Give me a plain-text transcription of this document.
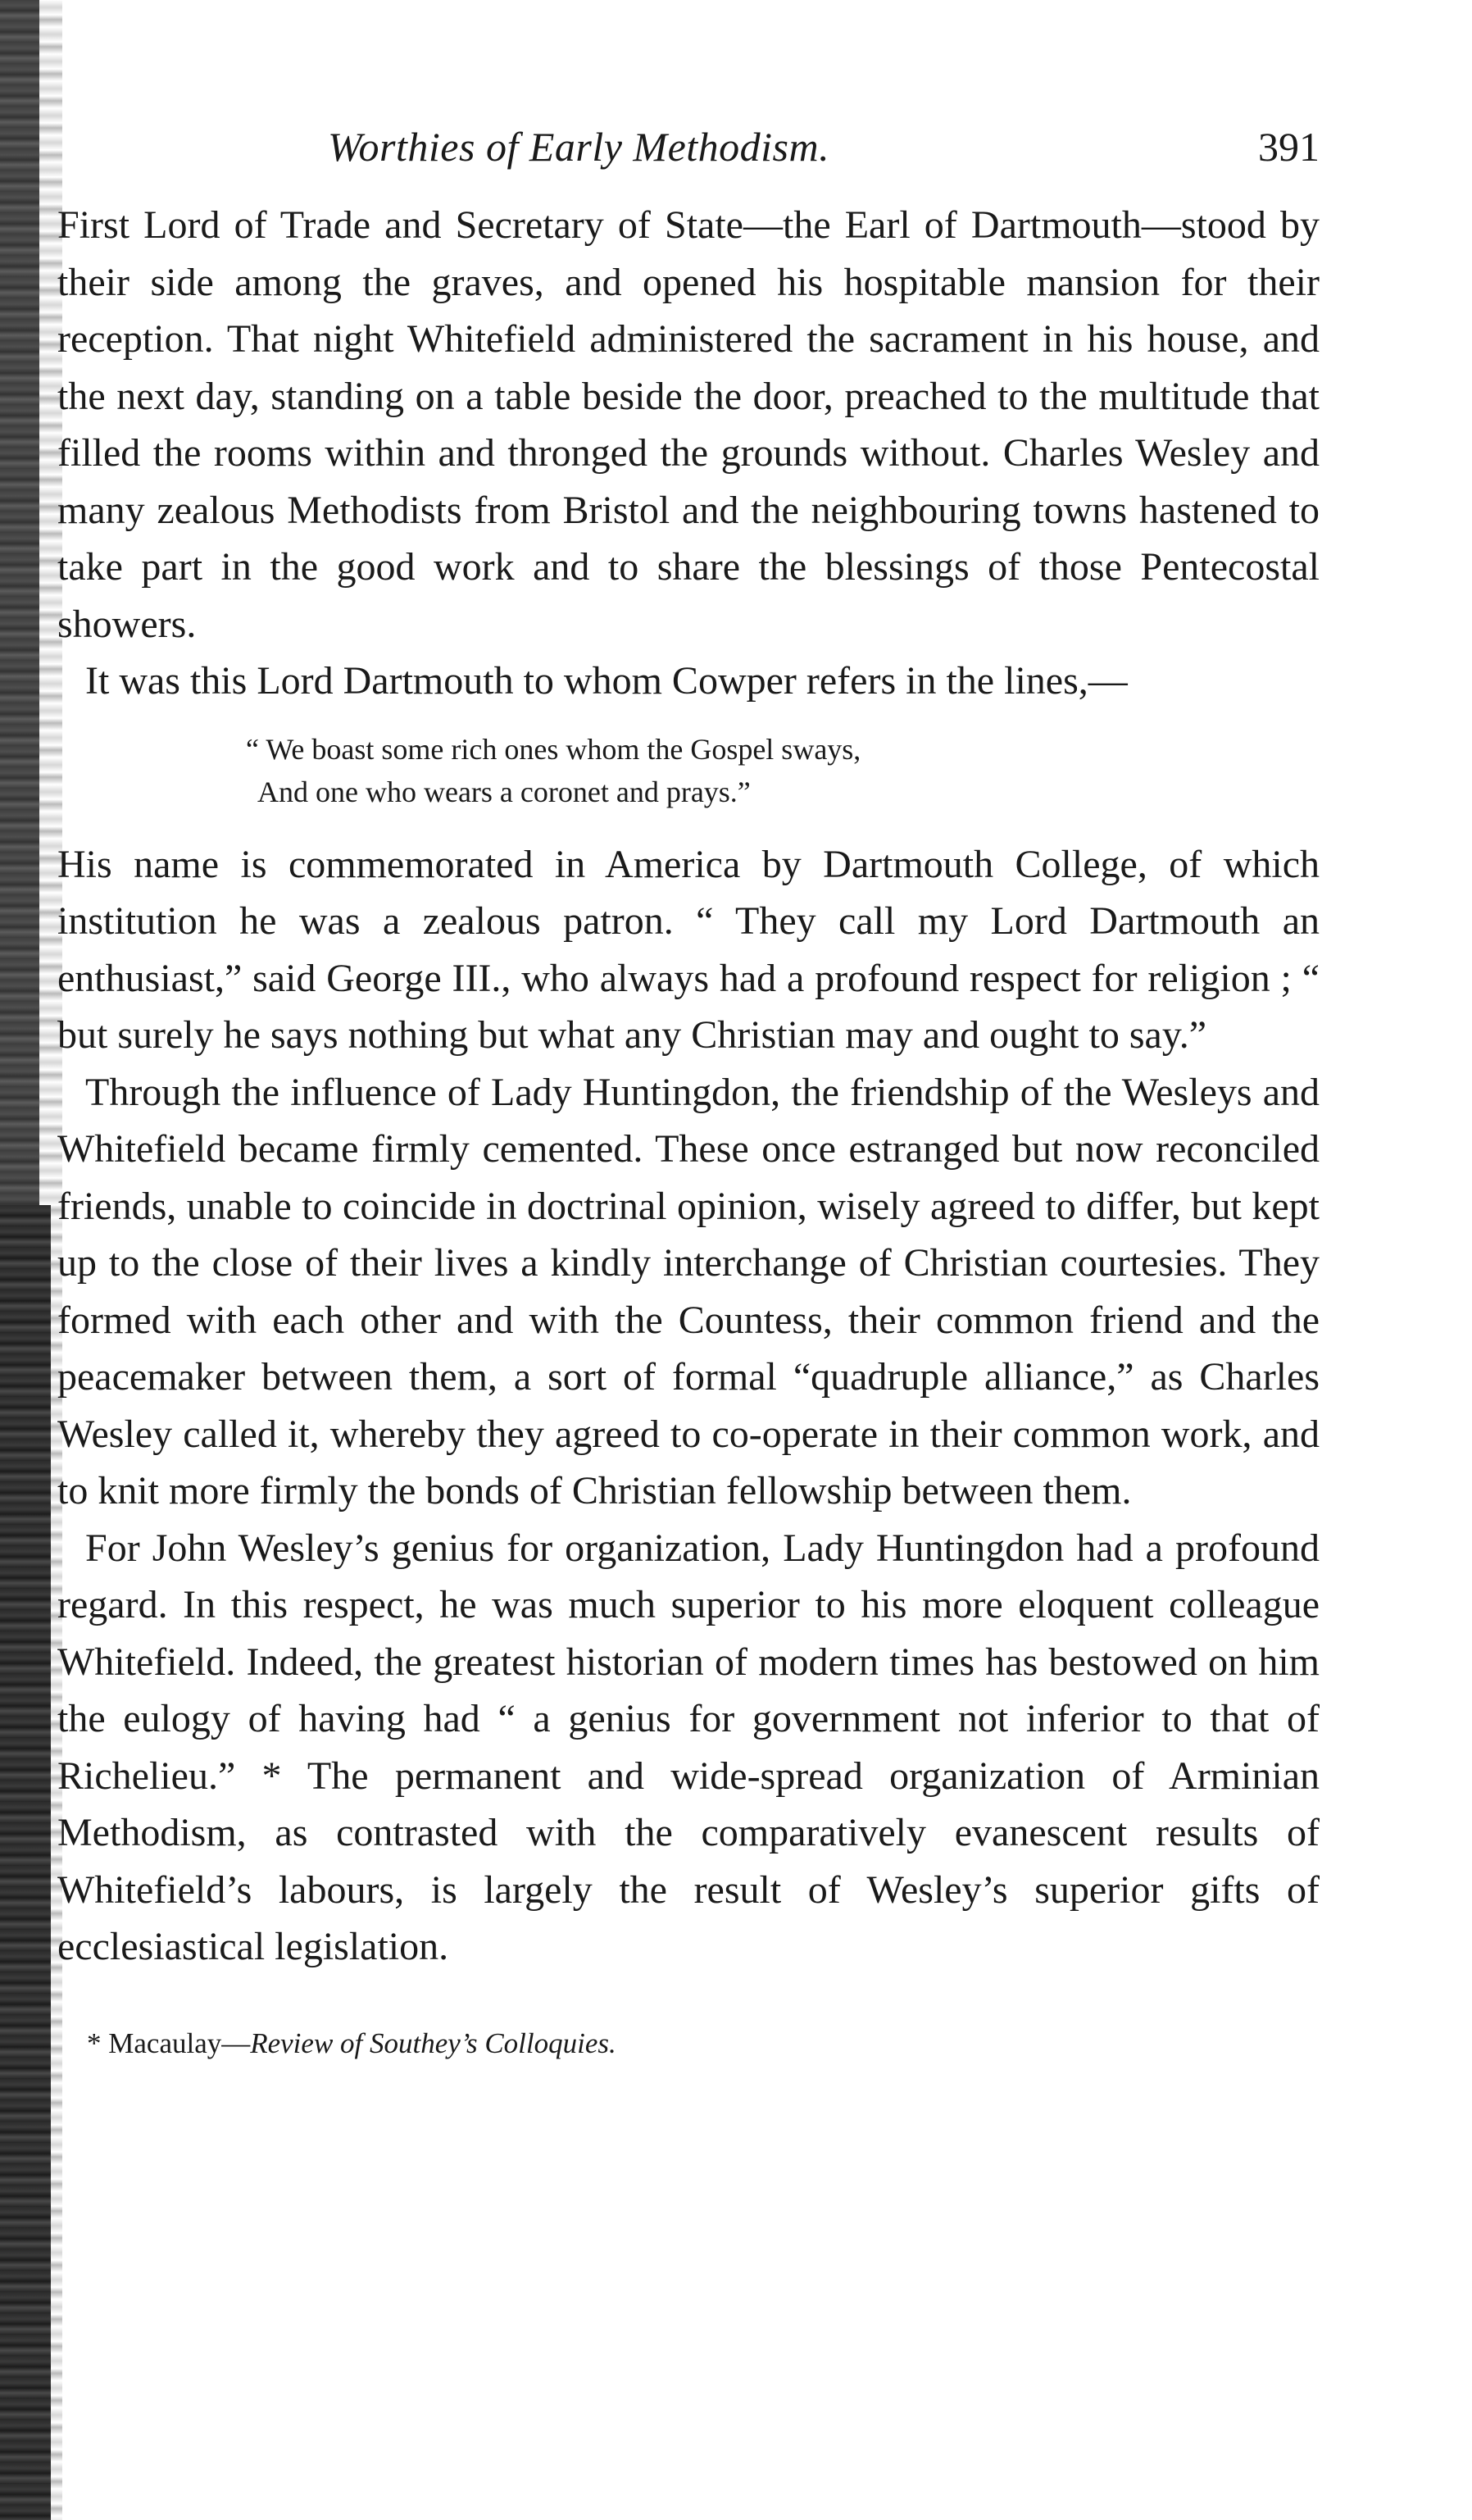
Worthies of Early Methodism.	391

First Lord of Trade and Secretary of State—the Earl of Dartmouth—stood by their side among the graves, and opened his hospitable mansion for their reception. That night Whitefield administered the sacrament in his house, and the next day, standing on a table beside the door, preached to the multitude that filled the rooms within and thronged the grounds without. Charles Wesley and many zealous Methodists from Bristol and the neighbouring towns hastened to take part in the good work and to share the blessings of those Pentecostal showers.

It was this Lord Dartmouth to whom Cowper refers in the lines,—

“ We boast some rich ones whom the Gospel sways,
And one who wears a coronet and prays.”

His name is commemorated in America by Dartmouth College, of which institution he was a zealous patron. “ They call my Lord Dartmouth an enthusiast,” said George III., who always had a profound respect for religion ; “ but surely he says nothing but what any Christian may and ought to say.”

Through the influence of Lady Huntingdon, the friendship of the Wesleys and Whitefield became firmly cemented. These once estranged but now reconciled friends, unable to coincide in doctrinal opinion, wisely agreed to differ, but kept up to the close of their lives a kindly interchange of Christian courtesies. They formed with each other and with the Countess, their common friend and the peacemaker between them, a sort of formal “quadruple alliance,” as Charles Wesley called it, whereby they agreed to co-operate in their common work, and to knit more firmly the bonds of Christian fellowship between them.

For John Wesley’s genius for organization, Lady Huntingdon had a profound regard. In this respect, he was much superior to his more eloquent colleague Whitefield. Indeed, the greatest historian of modern times has bestowed on him the eulogy of having had “ a genius for government not inferior to that of Richelieu.” * The permanent and wide-spread organization of Arminian Methodism, as contrasted with the comparatively evanescent results of Whitefield’s labours, is largely the result of Wesley’s superior gifts of ecclesiastical legislation.

* Macaulay—Review of Southey’s Colloquies.
